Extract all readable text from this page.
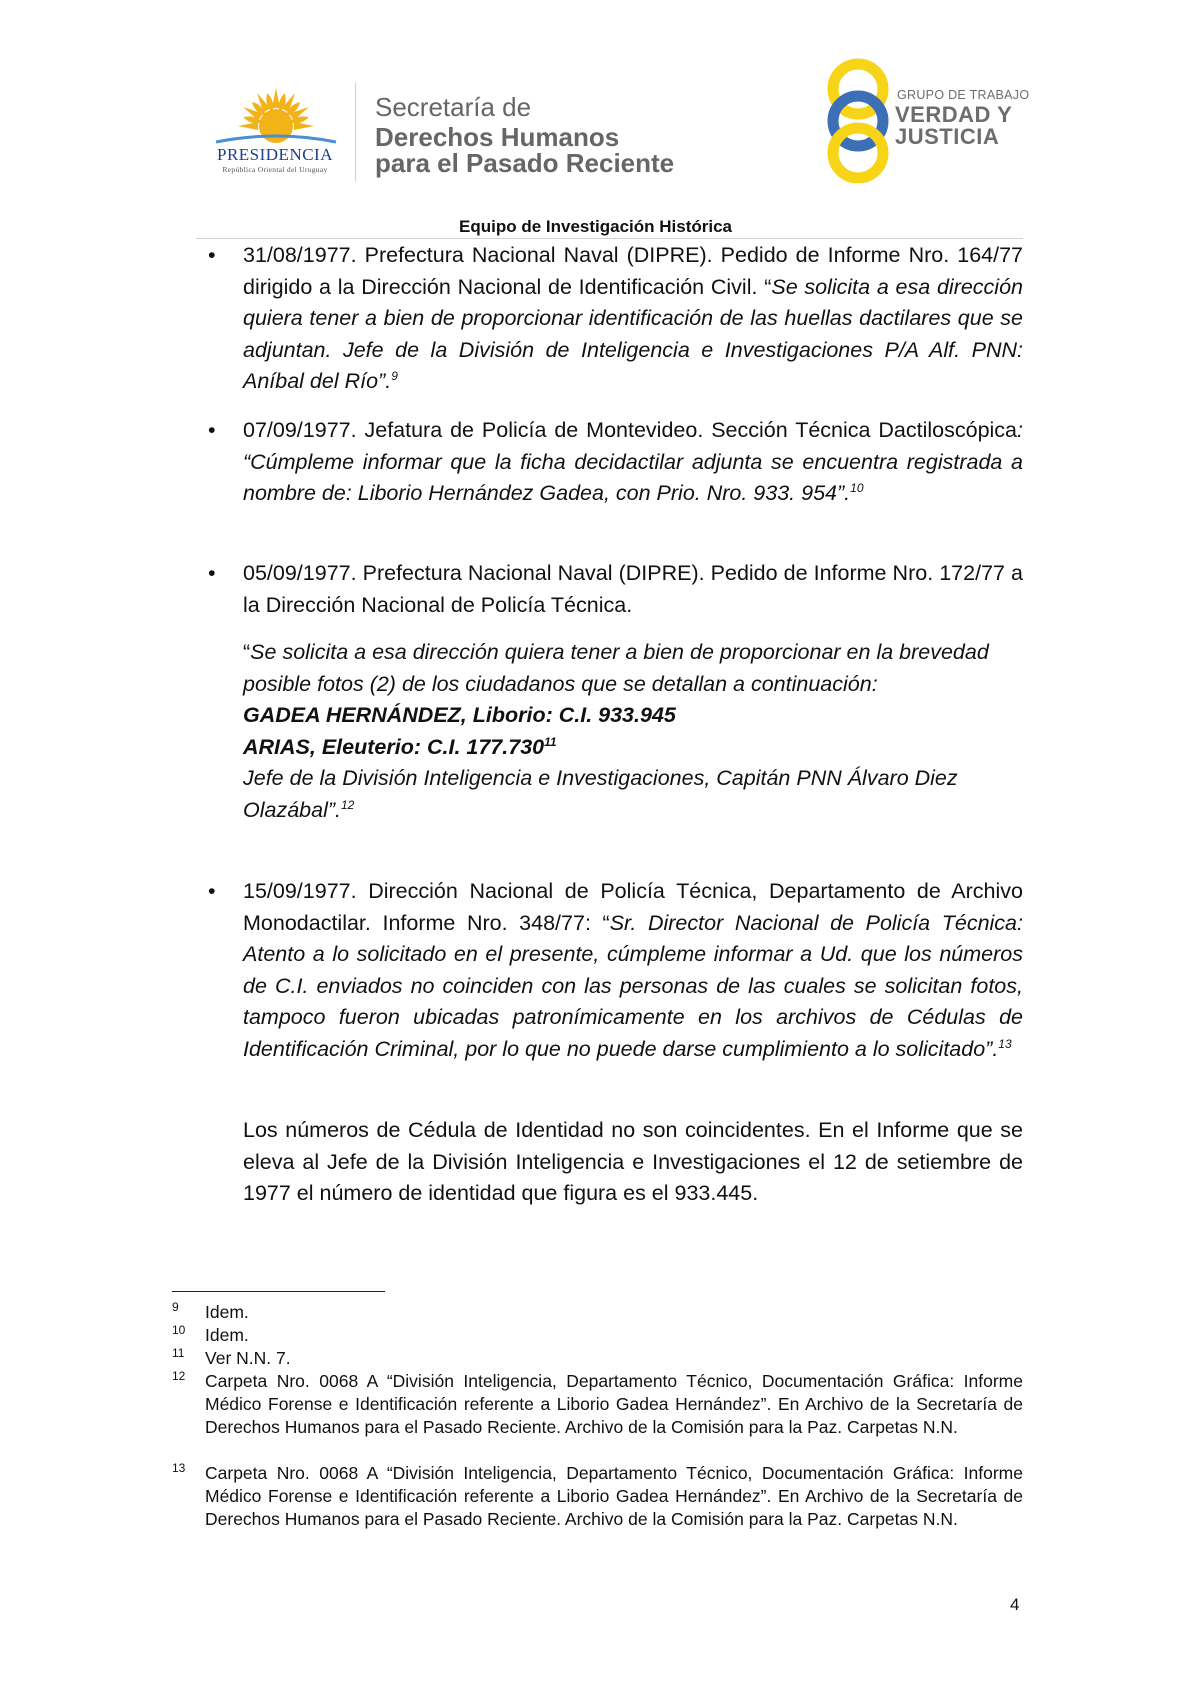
PRESIDENCIA
República Oriental del Uruguay
Secretaría de
Derechos Humanos
para el Pasado Reciente
GRUPO DE TRABAJO
VERDAD Y
JUSTICIA
Equipo de Investigación Histórica
• 31/08/1977. Prefectura Nacional Naval (DIPRE). Pedido de Informe Nro. 164/77 dirigido a la Dirección Nacional de Identificación Civil. “Se solicita a esa dirección quiera tener a bien de proporcionar identificación de las huellas dactilares que se adjuntan. Jefe de la División de Inteligencia e Investigaciones P/A Alf. PNN: Aníbal del Río”.$^9$
• 07/09/1977. Jefatura de Policía de Montevideo. Sección Técnica Dactiloscópica: “Cúmpleme informar que la ficha decidactilar adjunta se encuentra registrada a nombre de: Liborio Hernández Gadea, con Prio. Nro. 933. 954”.$^{10}$
• 05/09/1977. Prefectura Nacional Naval (DIPRE). Pedido de Informe Nro. 172/77 a la Dirección Nacional de Policía Técnica.
“Se solicita a esa dirección quiera tener a bien de proporcionar en la brevedad posible fotos (2) de los ciudadanos que se detallan a continuación:
GADEA HERNÁNDEZ, Liborio: C.I. 933.945
ARIAS, Eleuterio: C.I. 177.730$^{11}$
Jefe de la División Inteligencia e Investigaciones, Capitán PNN Álvaro Diez Olazábal”.$^{12}$
• 15/09/1977. Dirección Nacional de Policía Técnica, Departamento de Archivo Monodactilar. Informe Nro. 348/77: “Sr. Director Nacional de Policía Técnica: Atento a lo solicitado en el presente, cúmpleme informar a Ud. que los números de C.I. enviados no coinciden con las personas de las cuales se solicitan fotos, tampoco fueron ubicadas patronímicamente en los archivos de Cédulas de Identificación Criminal, por lo que no puede darse cumplimiento a lo solicitado”.$^{13}$
Los números de Cédula de Identidad no son coincidentes. En el Informe que se eleva al Jefe de la División Inteligencia e Investigaciones el 12 de setiembre de 1977 el número de identidad que figura es el 933.445.
9 Idem.
10 Idem.
11 Ver N.N. 7.
12 Carpeta Nro. 0068 A “División Inteligencia, Departamento Técnico, Documentación Gráfica: Informe Médico Forense e Identificación referente a Liborio Gadea Hernández”. En Archivo de la Secretaría de Derechos Humanos para el Pasado Reciente. Archivo de la Comisión para la Paz. Carpetas N.N.
13 Carpeta Nro. 0068 A “División Inteligencia, Departamento Técnico, Documentación Gráfica: Informe Médico Forense e Identificación referente a Liborio Gadea Hernández”. En Archivo de la Secretaría de Derechos Humanos para el Pasado Reciente. Archivo de la Comisión para la Paz. Carpetas N.N.
4
